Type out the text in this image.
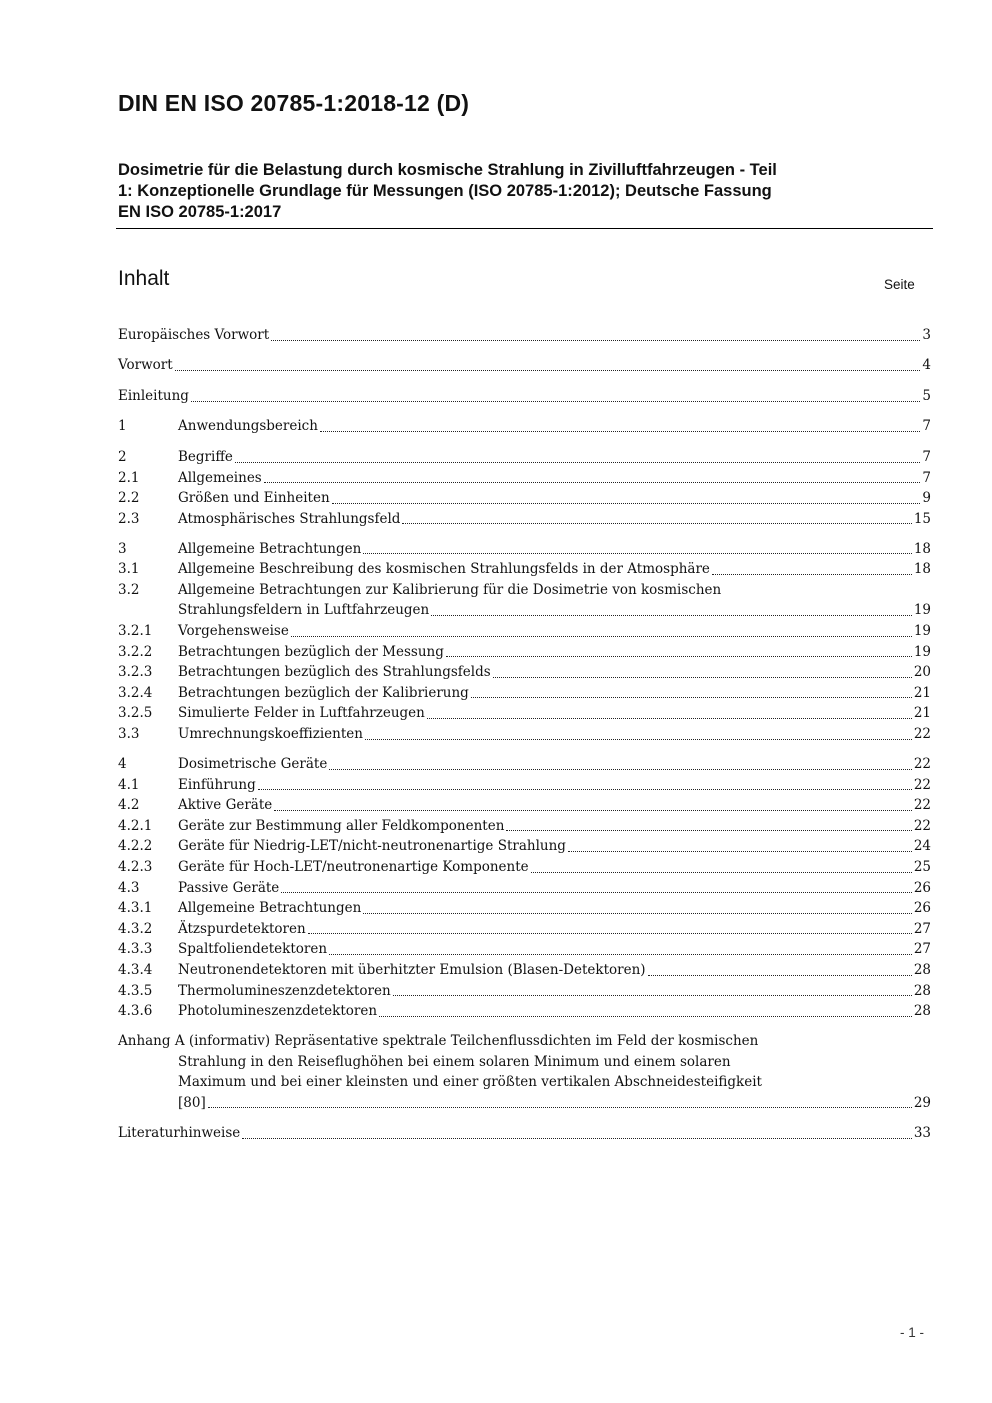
DIN EN ISO 20785-1:2018-12 (D)
Dosimetrie für die Belastung durch kosmische Strahlung in Zivilluftfahrzeugen - Teil
1: Konzeptionelle Grundlage für Messungen (ISO 20785-1:2012); Deutsche Fassung
EN ISO 20785-1:2017
Inhalt	Seite
Europäisches Vorwort	3
Vorwort	4
Einleitung	5
1	Anwendungsbereich	7
2	Begriffe	7
2.1	Allgemeines	7
2.2	Größen und Einheiten	9
2.3	Atmosphärisches Strahlungsfeld	15
3	Allgemeine Betrachtungen	18
3.1	Allgemeine Beschreibung des kosmischen Strahlungsfelds in der Atmosphäre	18
3.2	Allgemeine Betrachtungen zur Kalibrierung für die Dosimetrie von kosmischen
Strahlungsfeldern in Luftfahrzeugen	19
3.2.1	Vorgehensweise	19
3.2.2	Betrachtungen bezüglich der Messung	19
3.2.3	Betrachtungen bezüglich des Strahlungsfelds	20
3.2.4	Betrachtungen bezüglich der Kalibrierung	21
3.2.5	Simulierte Felder in Luftfahrzeugen	21
3.3	Umrechnungskoeffizienten	22
4	Dosimetrische Geräte	22
4.1	Einführung	22
4.2	Aktive Geräte	22
4.2.1	Geräte zur Bestimmung aller Feldkomponenten	22
4.2.2	Geräte für Niedrig-LET/nicht-neutronenartige Strahlung	24
4.2.3	Geräte für Hoch-LET/neutronenartige Komponente	25
4.3	Passive Geräte	26
4.3.1	Allgemeine Betrachtungen	26
4.3.2	Ätzspurdetektoren	27
4.3.3	Spaltfoliendetektoren	27
4.3.4	Neutronendetektoren mit überhitzter Emulsion (Blasen-Detektoren)	28
4.3.5	Thermolumineszenzdetektoren	28
4.3.6	Photolumineszenzdetektoren	28
Anhang A (informativ) Repräsentative spektrale Teilchenflussdichten im Feld der kosmischen
Strahlung in den Reiseflughöhen bei einem solaren Minimum und einem solaren
Maximum und bei einer kleinsten und einer größten vertikalen Abschneidesteifigkeit
[80]	29
Literaturhinweise	33
- 1 -
